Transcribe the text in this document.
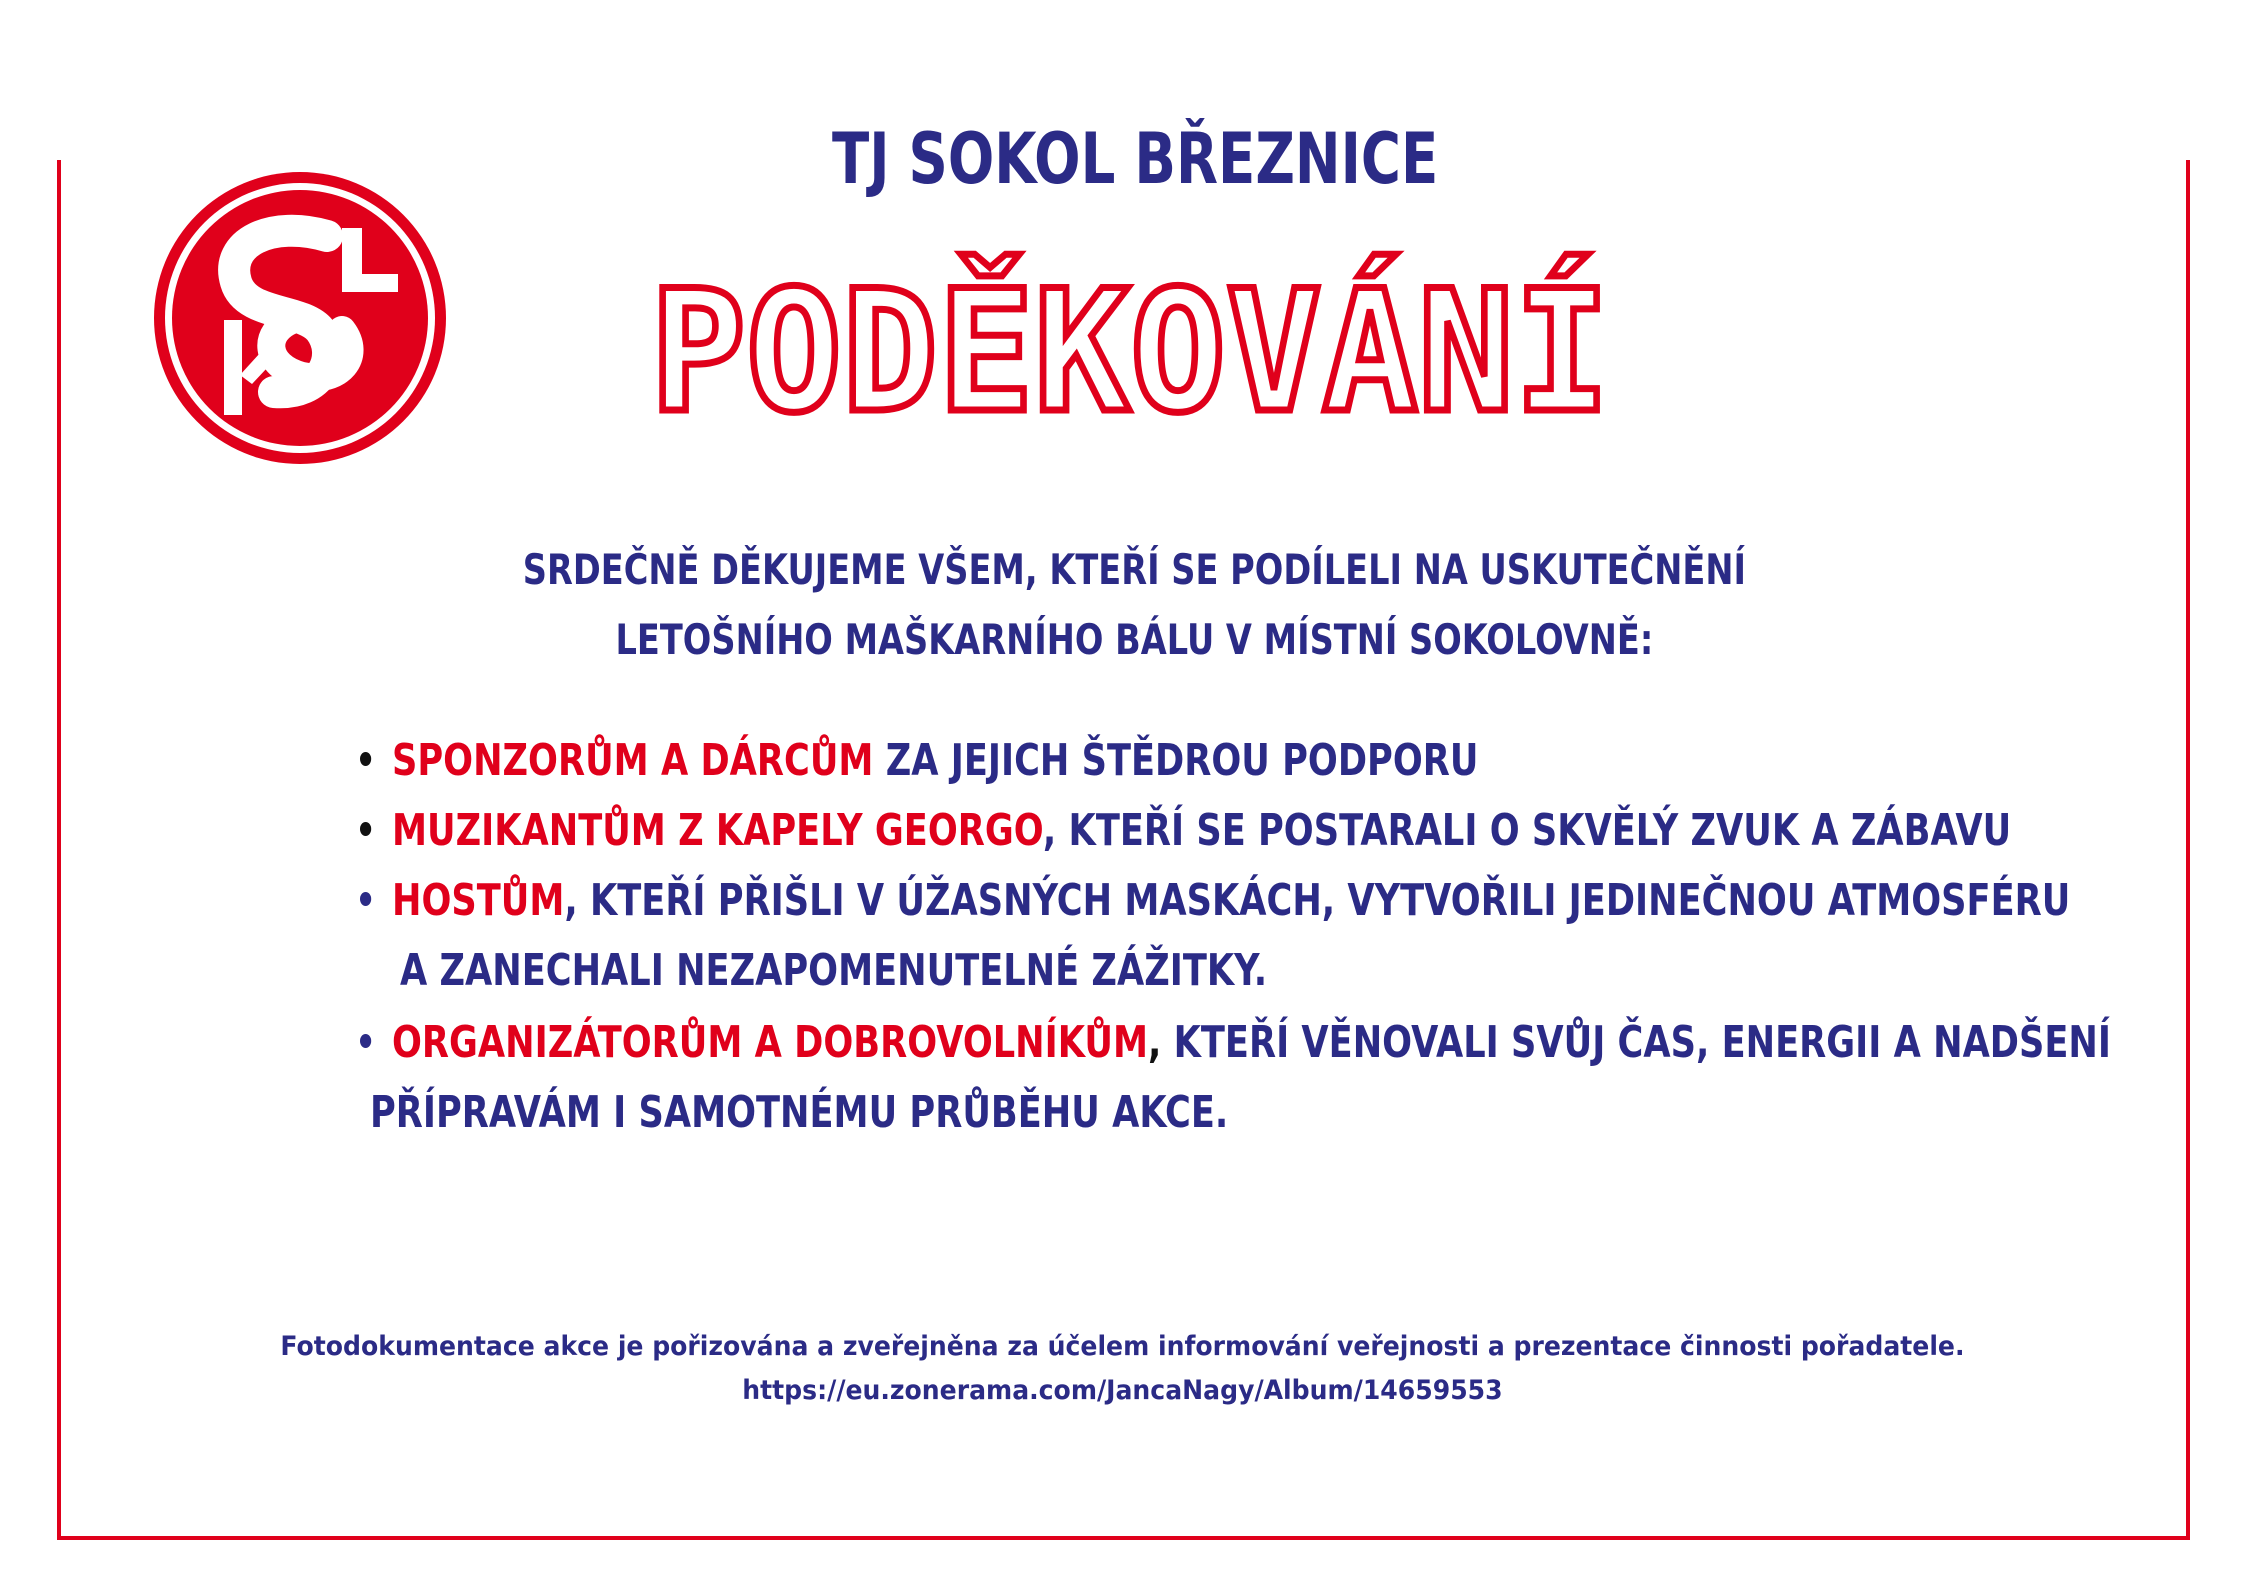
TJ SOKOL BŘEZNICE
PODĚKOVÁNÍ
SRDEČNĚ DĚKUJEME VŠEM, KTEŘÍ SE PODÍLELI NA USKUTEČNĚNÍ
LETOŠNÍHO MAŠKARNÍHO BÁLU V MÍSTNÍ SOKOLOVNĚ:
SPONZORŮM A DÁRCŮM ZA JEJICH ŠTĚDROU PODPORU
MUZIKANTŮM Z KAPELY GEORGO, KTEŘÍ SE POSTARALI O SKVĚLÝ ZVUK A ZÁBAVU
HOSTŮM, KTEŘÍ PŘIŠLI V ÚŽASNÝCH MASKÁCH, VYTVOŘILI JEDINEČNOU ATMOSFÉRU
A ZANECHALI NEZAPOMENUTELNÉ ZÁŽITKY.
ORGANIZÁTORŮM A DOBROVOLNÍKŮM, KTEŘÍ VĚNOVALI SVŮJ ČAS, ENERGII A NADŠENÍ
PŘÍPRAVÁM I SAMOTNÉMU PRŮBĚHU AKCE.
Fotodokumentace akce je pořizována a zveřejněna za účelem informování veřejnosti a prezentace činnosti pořadatele.
https://eu.zonerama.com/JancaNagy/Album/14659553
